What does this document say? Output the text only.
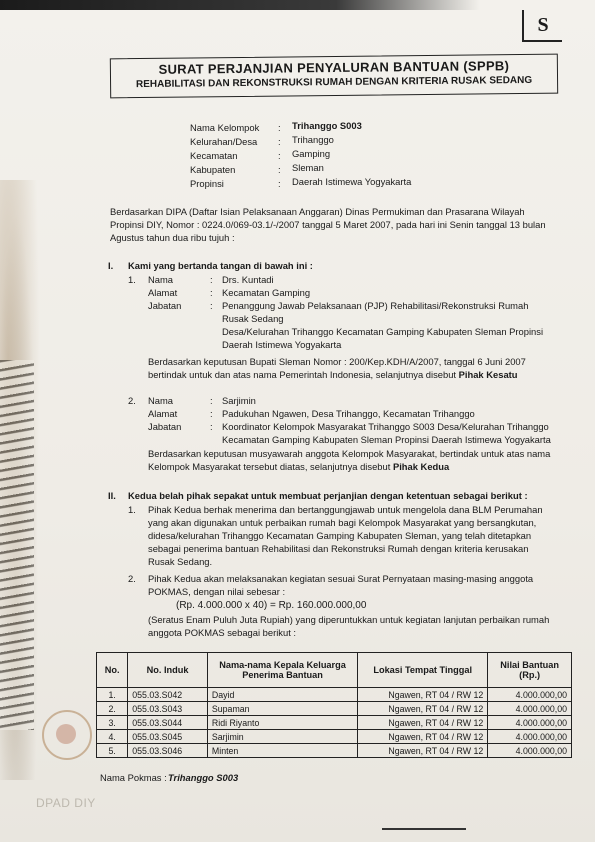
S
SURAT PERJANJIAN PENYALURAN BANTUAN (SPPB)
REHABILITASI DAN REKONSTRUKSI RUMAH DENGAN KRITERIA RUSAK SEDANG
Nama Kelompok : Trihanggo S003
Kelurahan/Desa : Trihanggo
Kecamatan	: Gamping
Kabupaten	: Sleman
Propinsi	: Daerah Istimewa Yogyakarta
Berdasarkan DIPA (Daftar Isian Pelaksanaan Anggaran) Dinas Permukiman dan Prasarana Wilayah
Propinsi DIY, Nomor : 0224.0/069-03.1/-/2007 tanggal 5 Maret 2007, pada hari ini Senin tanggal 13 bulan
Agustus tahun dua ribu tujuh :
I. Kami yang bertanda tangan di bawah ini :
1. Nama	: Drs. Kuntadi
Alamat	: Kecamatan Gamping
Jabatan	: Penanggung Jawab Pelaksanaan (PJP) Rehabilitasi/Rekonstruksi Rumah
Rusak Sedang
Desa/Kelurahan Trihanggo Kecamatan Gamping Kabupaten Sleman Propinsi
Daerah Istimewa Yogyakarta
Berdasarkan keputusan Bupati Sleman Nomor : 200/Kep.KDH/A/2007, tanggal 6 Juni 2007
bertindak untuk dan atas nama Pemerintah Indonesia, selanjutnya disebut Pihak Kesatu
2. Nama	: Sarjimin
Alamat	: Padukuhan Ngawen, Desa Trihanggo, Kecamatan Trihanggo
Jabatan	: Koordinator Kelompok Masyarakat Trihanggo S003 Desa/Kelurahan Trihanggo
Kecamatan Gamping Kabupaten Sleman Propinsi Daerah Istimewa Yogyakarta
Berdasarkan keputusan musyawarah anggota Kelompok Masyarakat, bertindak untuk atas nama
Kelompok Masyarakat tersebut diatas, selanjutnya disebut Pihak Kedua
II. Kedua belah pihak sepakat untuk membuat perjanjian dengan ketentuan sebagai berikut :
1. Pihak Kedua berhak menerima dan bertanggungjawab untuk mengelola dana BLM Perumahan
yang akan digunakan untuk perbaikan rumah bagi Kelompok Masyarakat yang bersangkutan,
didesa/kelurahan Trihanggo Kecamatan Gamping Kabupaten Sleman, yang telah ditetapkan
sebagai penerima bantuan Rehabilitasi dan Rekonstruksi Rumah dengan kriteria kerusakan
Rusak Sedang.
2. Pihak Kedua akan melaksanakan kegiatan sesuai Surat Pernyataan masing-masing anggota
POKMAS, dengan nilai sebesar :
(Rp. 4.000.000 x 40) = Rp. 160.000.000,00
(Seratus Enam Puluh Juta Rupiah) yang diperuntukkan untuk kegiatan lanjutan perbaikan rumah
anggota POKMAS sebagai berikut :
No.	No. Induk	Nama-nama Kepala Keluarga Penerima Bantuan	Lokasi Tempat Tinggal	Nilai Bantuan (Rp.)
1.	055.03.S042	Dayid	Ngawen, RT 04 / RW 12	4.000.000,00
2.	055.03.S043	Supaman	Ngawen, RT 04 / RW 12	4.000.000,00
3.	055.03.S044	Ridi Riyanto	Ngawen, RT 04 / RW 12	4.000.000,00
4.	055.03.S045	Sarjimin	Ngawen, RT 04 / RW 12	4.000.000,00
5.	055.03.S046	Minten	Ngawen, RT 04 / RW 12	4.000.000,00
Nama Pokmas : Trihanggo S003
DPAD DIY
